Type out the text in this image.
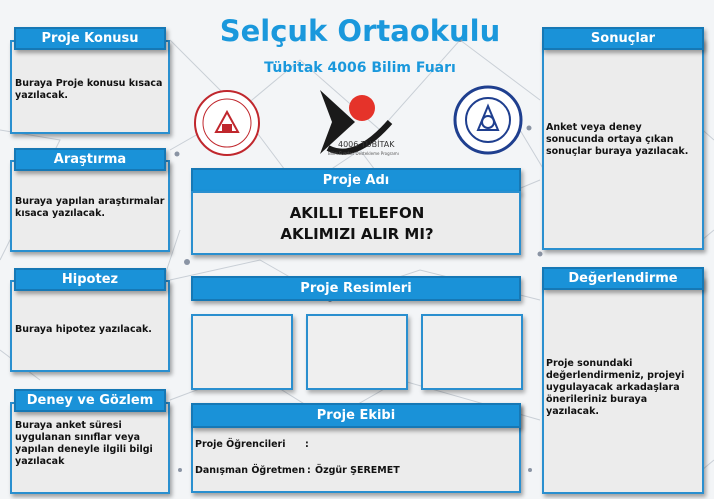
Selçuk Ortaokulu
Tübitak 4006 Bilim Fuarı
4006 TÜBİTAK
Bilim Fuarları Destekleme Programı
Proje Konusu
Buraya Proje konusu kısaca yazılacak.
Araştırma
Buraya yapılan araştırmalar kısaca yazılacak.
Hipotez
Buraya hipotez yazılacak.
Deney ve Gözlem
Buraya anket süresi uygulanan sınıflar veya yapılan deneyle ilgili bilgi yazılacak
Proje Adı
AKILLI TELEFON
AKLIMIZI ALIR MI?
Proje Resimleri
Proje Ekibi
Proje Öğrencileri :
Danışman Öğretmen : Özgür ŞEREMET
Sonuçlar
Anket veya deney sonucunda ortaya çıkan sonuçlar buraya yazılacak.
Değerlendirme
Proje sonundaki değerlendirmeniz, projeyi uygulayacak arkadaşlara önerileriniz buraya yazılacak.
